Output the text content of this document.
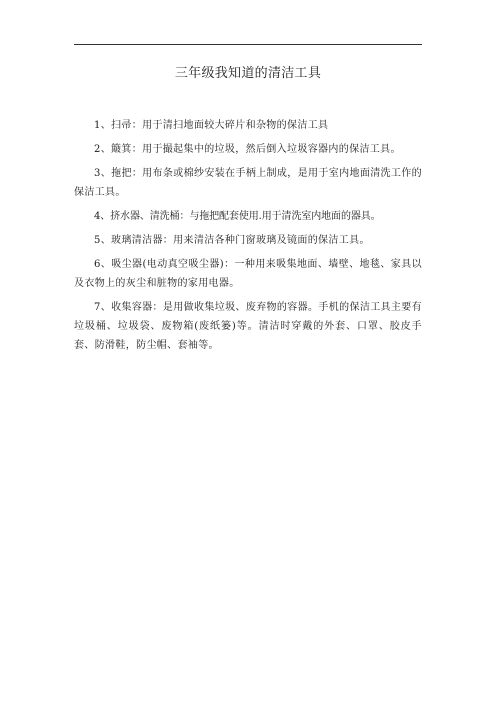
三年级我知道的清洁工具

1、扫帚：用于清扫地面较大碎片和杂物的保洁工具

2、簸箕：用于撮起集中的垃圾，然后倒入垃圾容器内的保洁工具。

3、拖把：用布条或棉纱安装在手柄上制成，是用于室内地面清洗工作的保洁工具。

4、挤水器、清洗桶：与拖把配套使用.用于清洗室内地面的器具。

5、玻璃清洁器：用来清洁各种门窗玻璃及镜面的保洁工具。

6、吸尘器(电动真空吸尘器)：一种用来吸集地面、墙壁、地毯、家具以及衣物上的灰尘和脏物的家用电器。

7、收集容器：是用做收集垃圾、废弃物的容器。手机的保洁工具主要有垃圾桶、垃圾袋、废物箱(废纸篓)等。清洁时穿戴的外套、口罩、胶皮手套、防滑鞋，防尘帽、套袖等。
